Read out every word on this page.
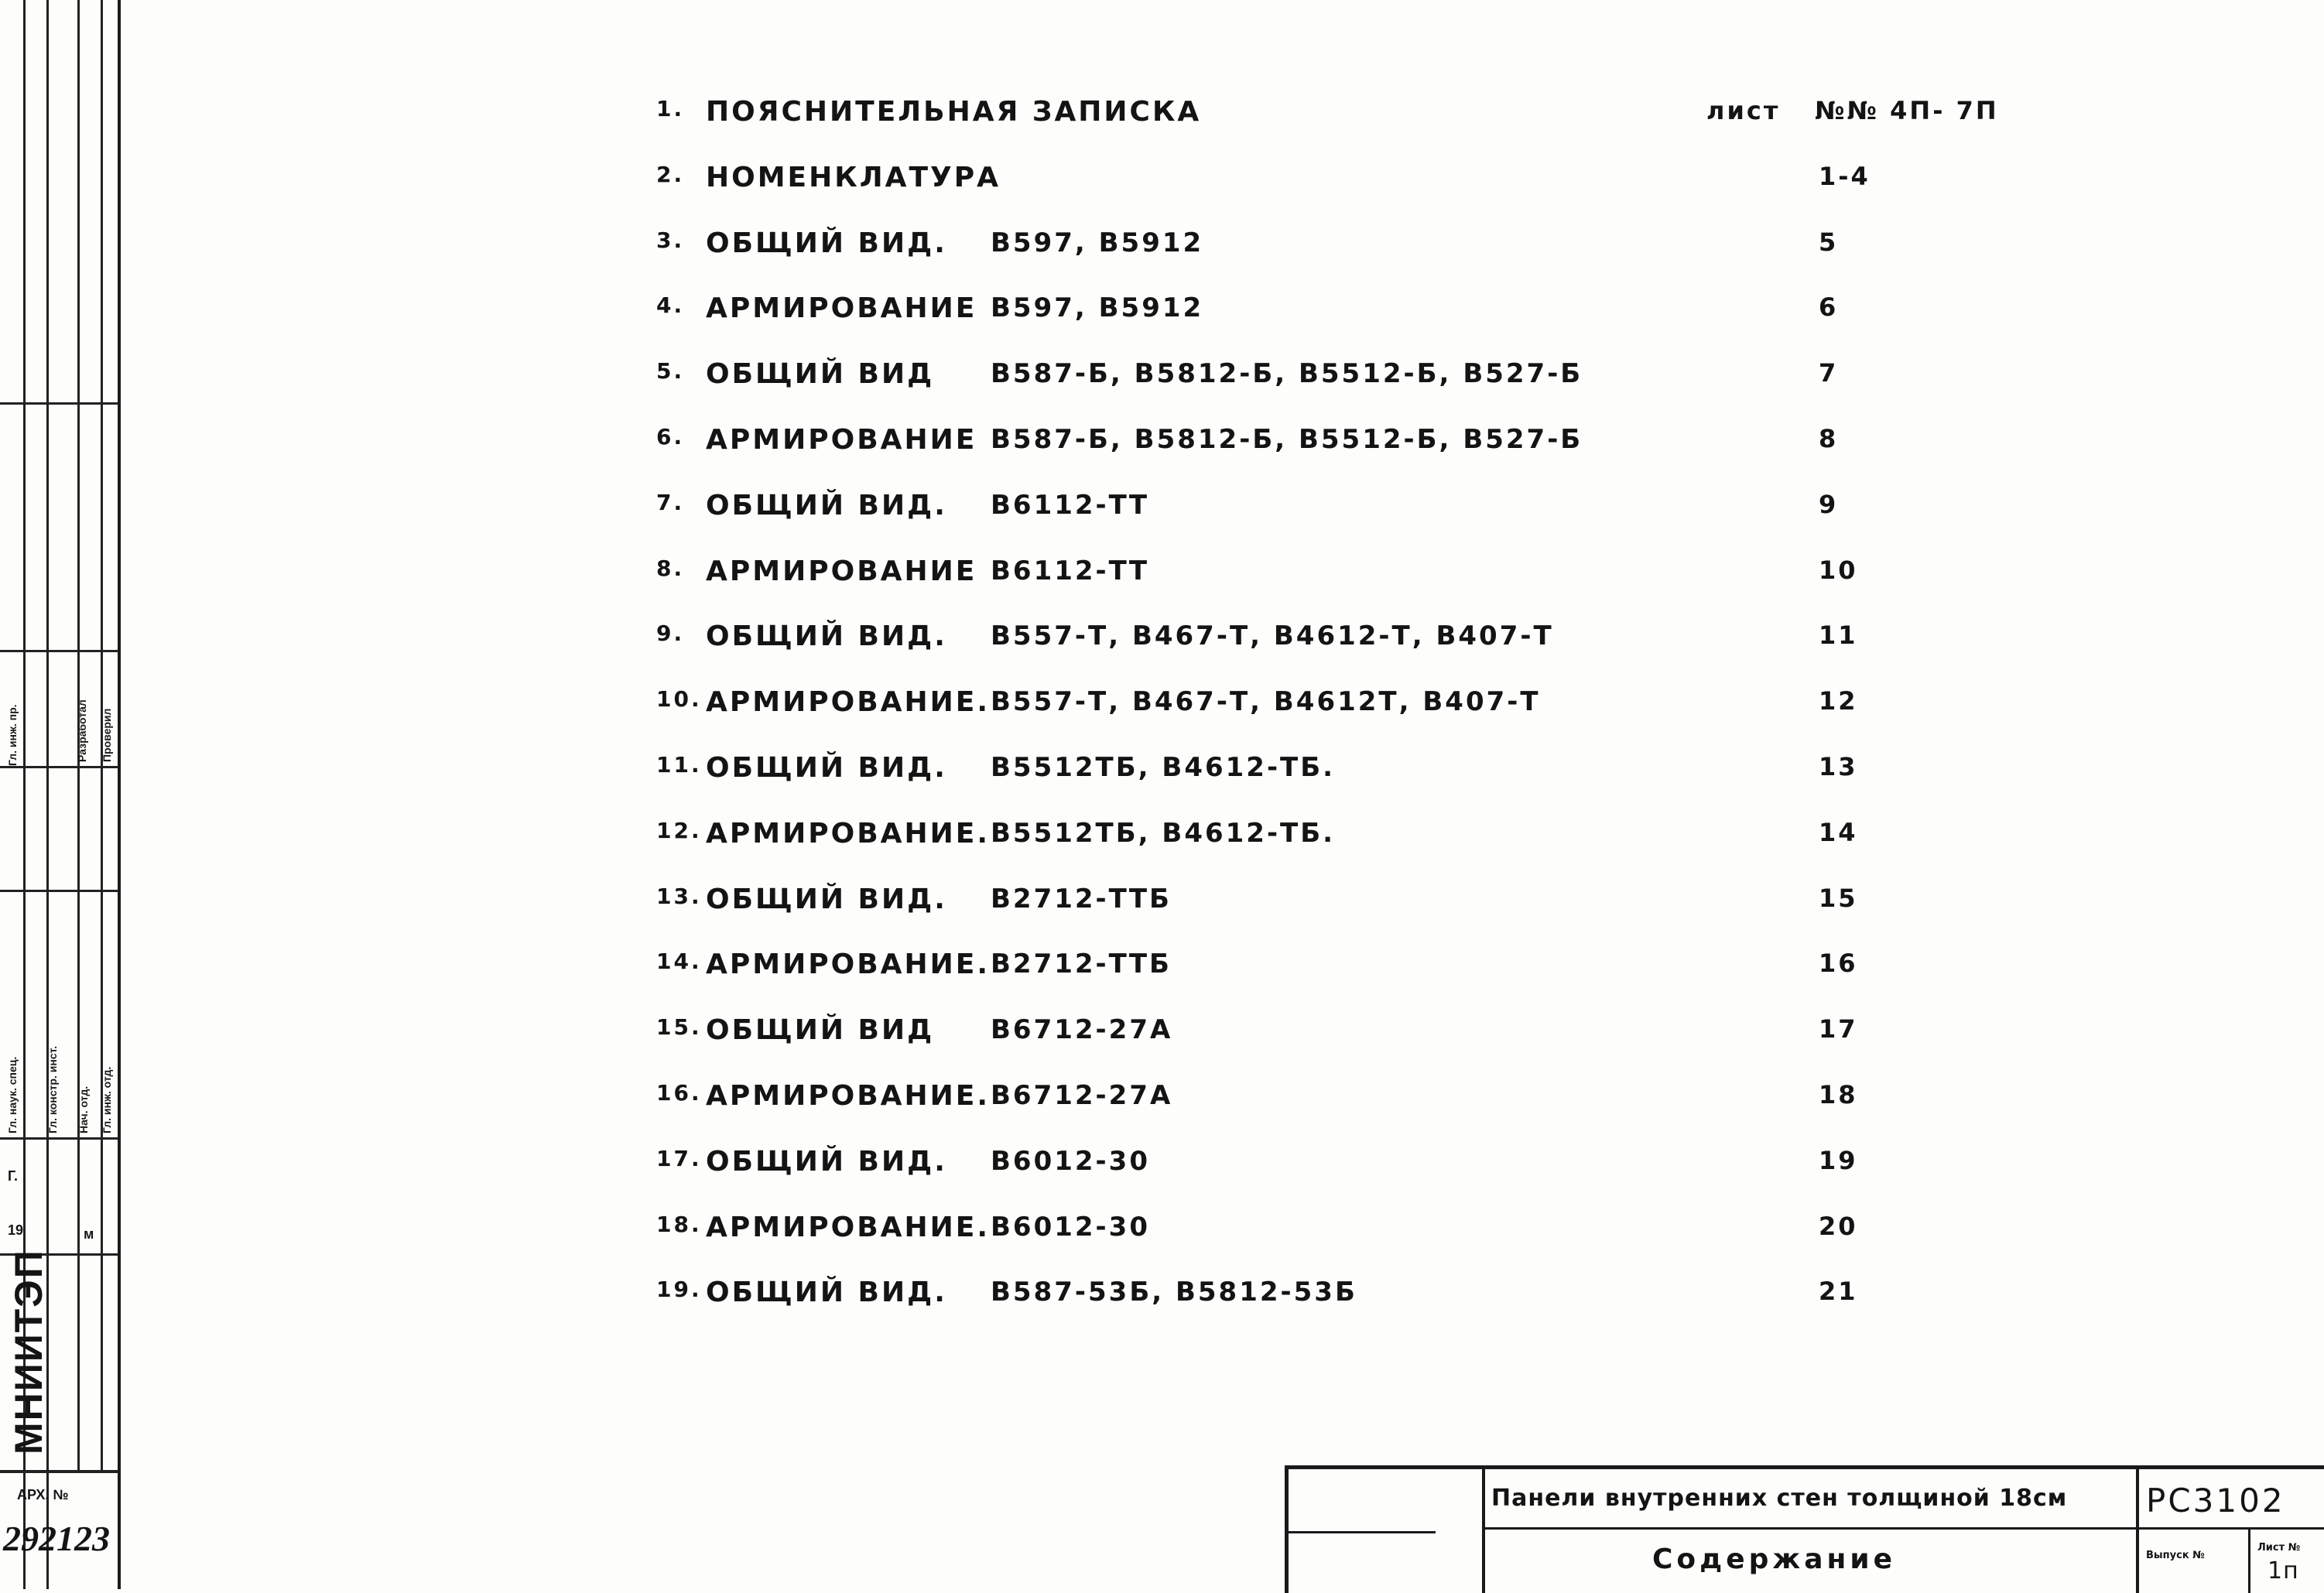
Гл. инж. пр.	Разработал Проверил
Гл. наук. спец.	Гл. констр. инст. Нач. отд. Гл. инж. отд.
Г.
19	м
МНИИТЭП
АРХ. №
292123
1. ПОЯСНИТЕЛЬНАЯ ЗАПИСКА	лист №№ 4П- 7П
2. НОМЕНКЛАТУРА	1-4
3. ОБЩИЙ ВИД. В597, В5912	5
4. АРМИРОВАНИЕ В597, В5912	6
5. ОБЩИЙ ВИД В587-Б, В5812-Б, В5512-Б, В527-Б	7
6. АРМИРОВАНИЕ В587-Б, В5812-Б, В5512-Б, В527-Б	8
7. ОБЩИЙ ВИД. В6112-ТТ	9
8. АРМИРОВАНИЕ В6112-ТТ	10
9. ОБЩИЙ ВИД. В557-Т, В467-Т, В4612-Т, В407-Т	11
10. АРМИРОВАНИЕ. В557-Т, В467-Т, В4612Т, В407-Т	12
11. ОБЩИЙ ВИД. В5512ТБ, В4612-ТБ.	13
12. АРМИРОВАНИЕ. В5512ТБ, В4612-ТБ.	14
13. ОБЩИЙ ВИД. В2712-ТТБ	15
14. АРМИРОВАНИЕ. В2712-ТТБ	16
15. ОБЩИЙ ВИД В6712-27А	17
16. АРМИРОВАНИЕ. В6712-27А	18
17. ОБЩИЙ ВИД. В6012-30	19
18. АРМИРОВАНИЕ. В6012-30	20
19. ОБЩИЙ ВИД. В587-53Б, В5812-53Б	21
Панели внутренних стен толщиной 18см РС3102
Содержание	Выпуск №
Лист №
1п
